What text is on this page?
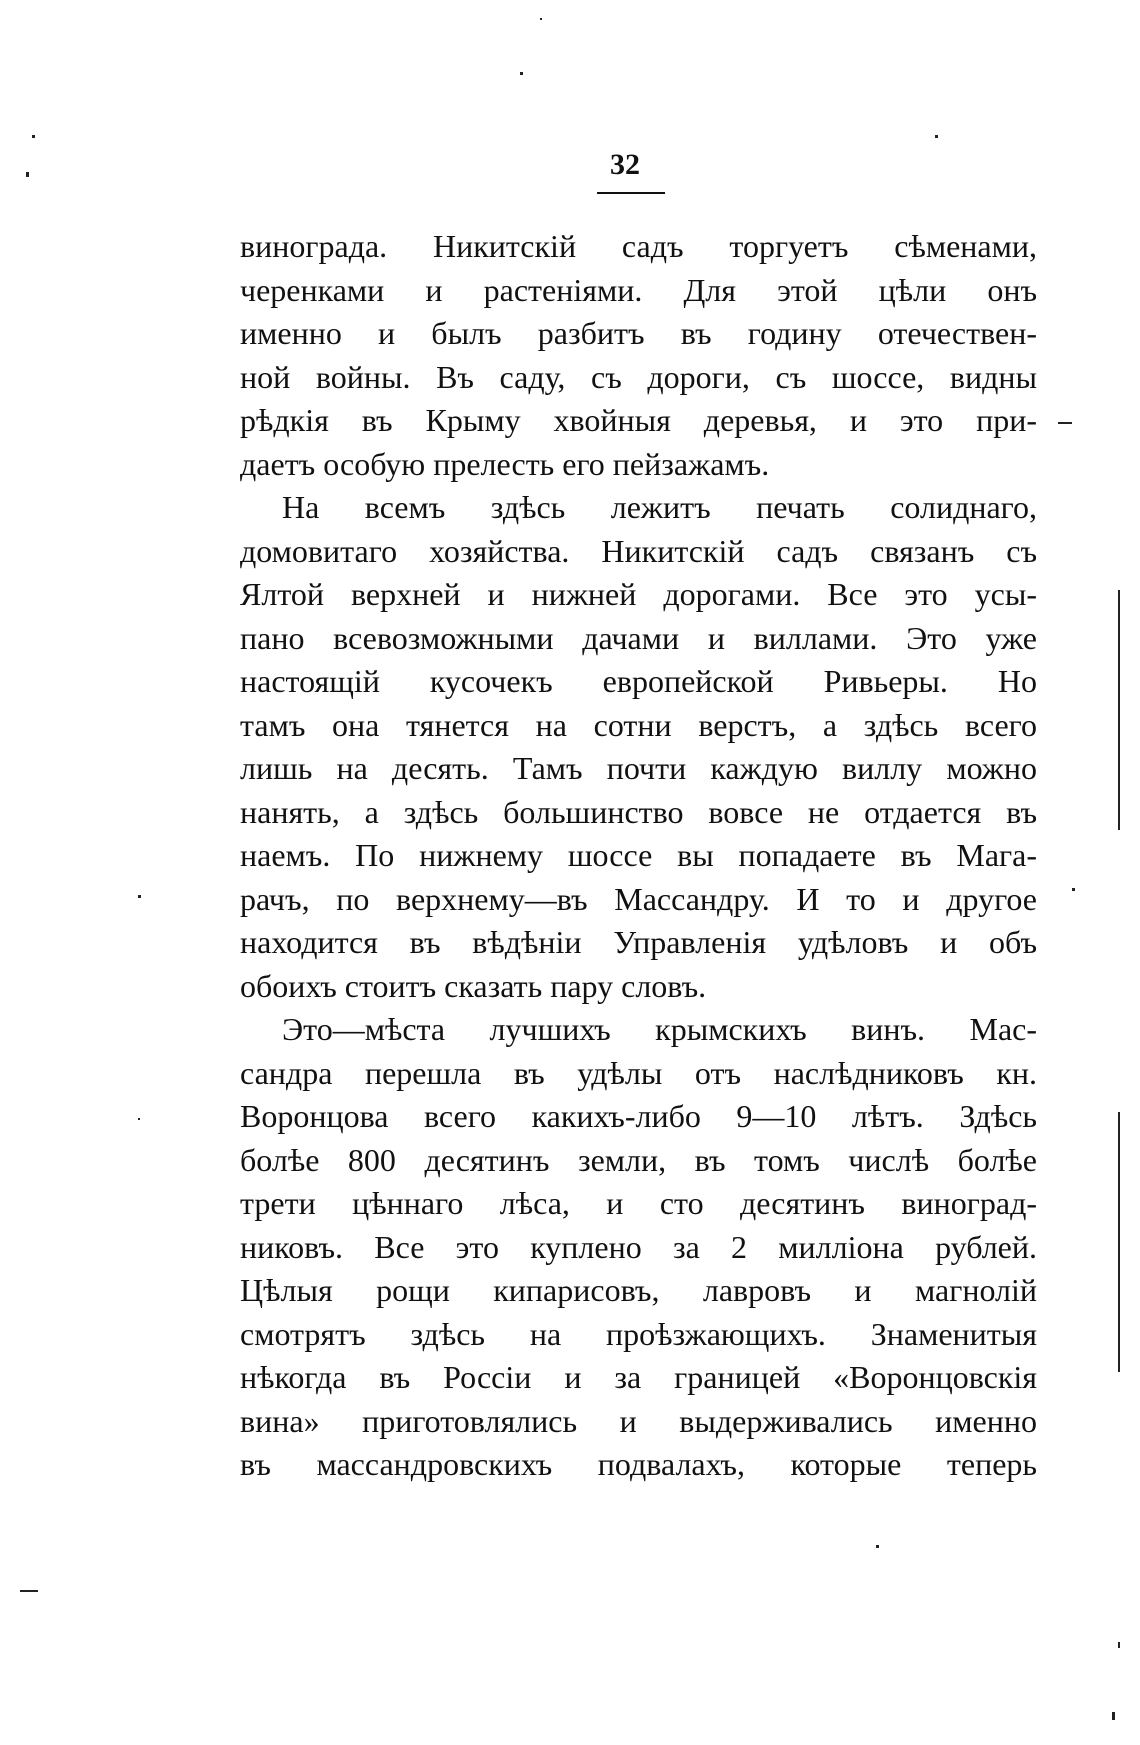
32
винограда. Никитскій садъ торгуетъ сѣменами,
черенками и растеніями. Для этой цѣли онъ
именно и былъ разбитъ въ годину отечествен-
ной войны. Въ саду, съ дороги, съ шоссе, видны
рѣдкія въ Крыму хвойныя деревья, и это при-
даетъ особую прелесть его пейзажамъ.
На всемъ здѣсь лежитъ печать солиднаго,
домовитаго хозяйства. Никитскій садъ связанъ съ
Ялтой верхней и нижней дорогами. Все это усы-
пано всевозможными дачами и виллами. Это уже
настоящій кусочекъ европейской Ривьеры. Но
тамъ она тянется на сотни верстъ, а здѣсь всего
лишь на десять. Тамъ почти каждую виллу можно
нанять, а здѣсь большинство вовсе не отдается въ
наемъ. По нижнему шоссе вы попадаете въ Мага-
рачъ, по верхнему—въ Массандру. И то и другое
находится въ вѣдѣніи Управленія удѣловъ и объ
обоихъ стоитъ сказать пару словъ.
Это—мѣста лучшихъ крымскихъ винъ. Мас-
сандра перешла въ удѣлы отъ наслѣдниковъ кн.
Воронцова всего какихъ-либо 9—10 лѣтъ. Здѣсь
болѣе 800 десятинъ земли, въ томъ числѣ болѣе
трети цѣннаго лѣса, и сто десятинъ виноград-
никовъ. Все это куплено за 2 милліона рублей.
Цѣлыя рощи кипарисовъ, лавровъ и магнолій
смотрятъ здѣсь на проѣзжающихъ. Знаменитыя
нѣкогда въ Россіи и за границей «Воронцовскія
вина» приготовлялись и выдерживались именно
въ массандровскихъ подвалахъ, которые теперь
